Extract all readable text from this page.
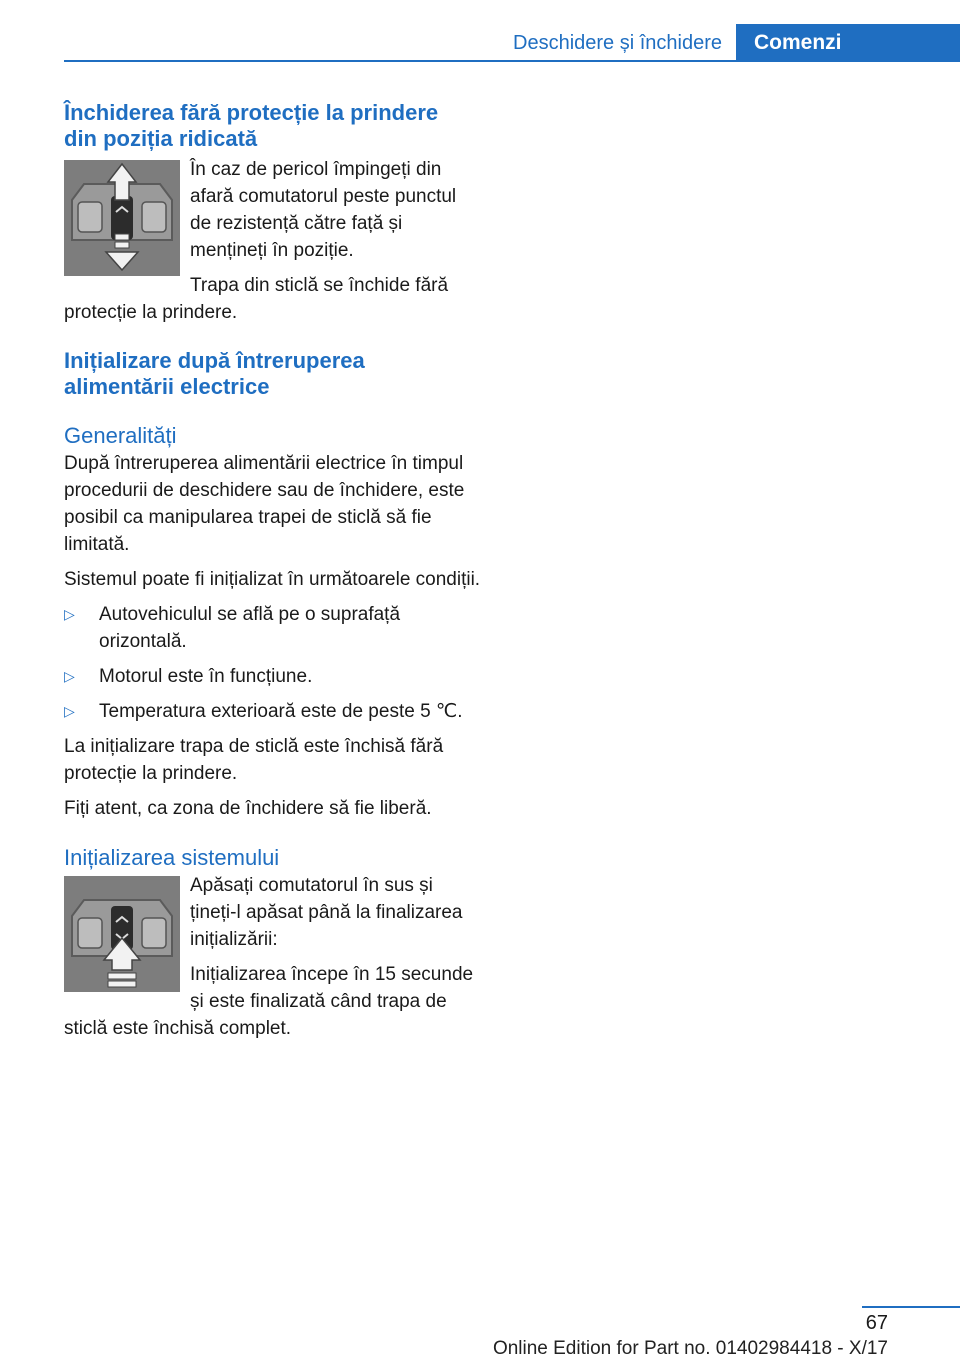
Deschidere și închidere	Comenzi
Închiderea fără protecție la prindere
din poziția ridicată

În caz de pericol împingeți din afară comutatorul peste punctul de rezistență către față și mențineți în poziție.

Trapa din sticlă se închide fără protecție la prindere.

Inițializare după întreruperea
alimentării electrice
Generalități

După întreruperea alimentării electrice în timpul procedurii de deschidere sau de închidere, este posibil ca manipularea trapei de sticlă să fie limitată.

Sistemul poate fi inițializat în următoarele condiții.

▷ Autovehiculul se află pe o suprafață orizontală.
▷ Motorul este în funcțiune.
▷ Temperatura exterioară este de peste 5 ℃.

La inițializare trapa de sticlă este închisă fără protecție la prindere.

Fiți atent, ca zona de închidere să fie liberă.

Inițializarea sistemului

Apăsați comutatorul în sus și țineți-l apăsat până la finalizarea inițializării:

Inițializarea începe în 15 secunde și este finalizată când trapa de sticlă este închisă complet.

67
Online Edition for Part no. 01402984418 - X/17
